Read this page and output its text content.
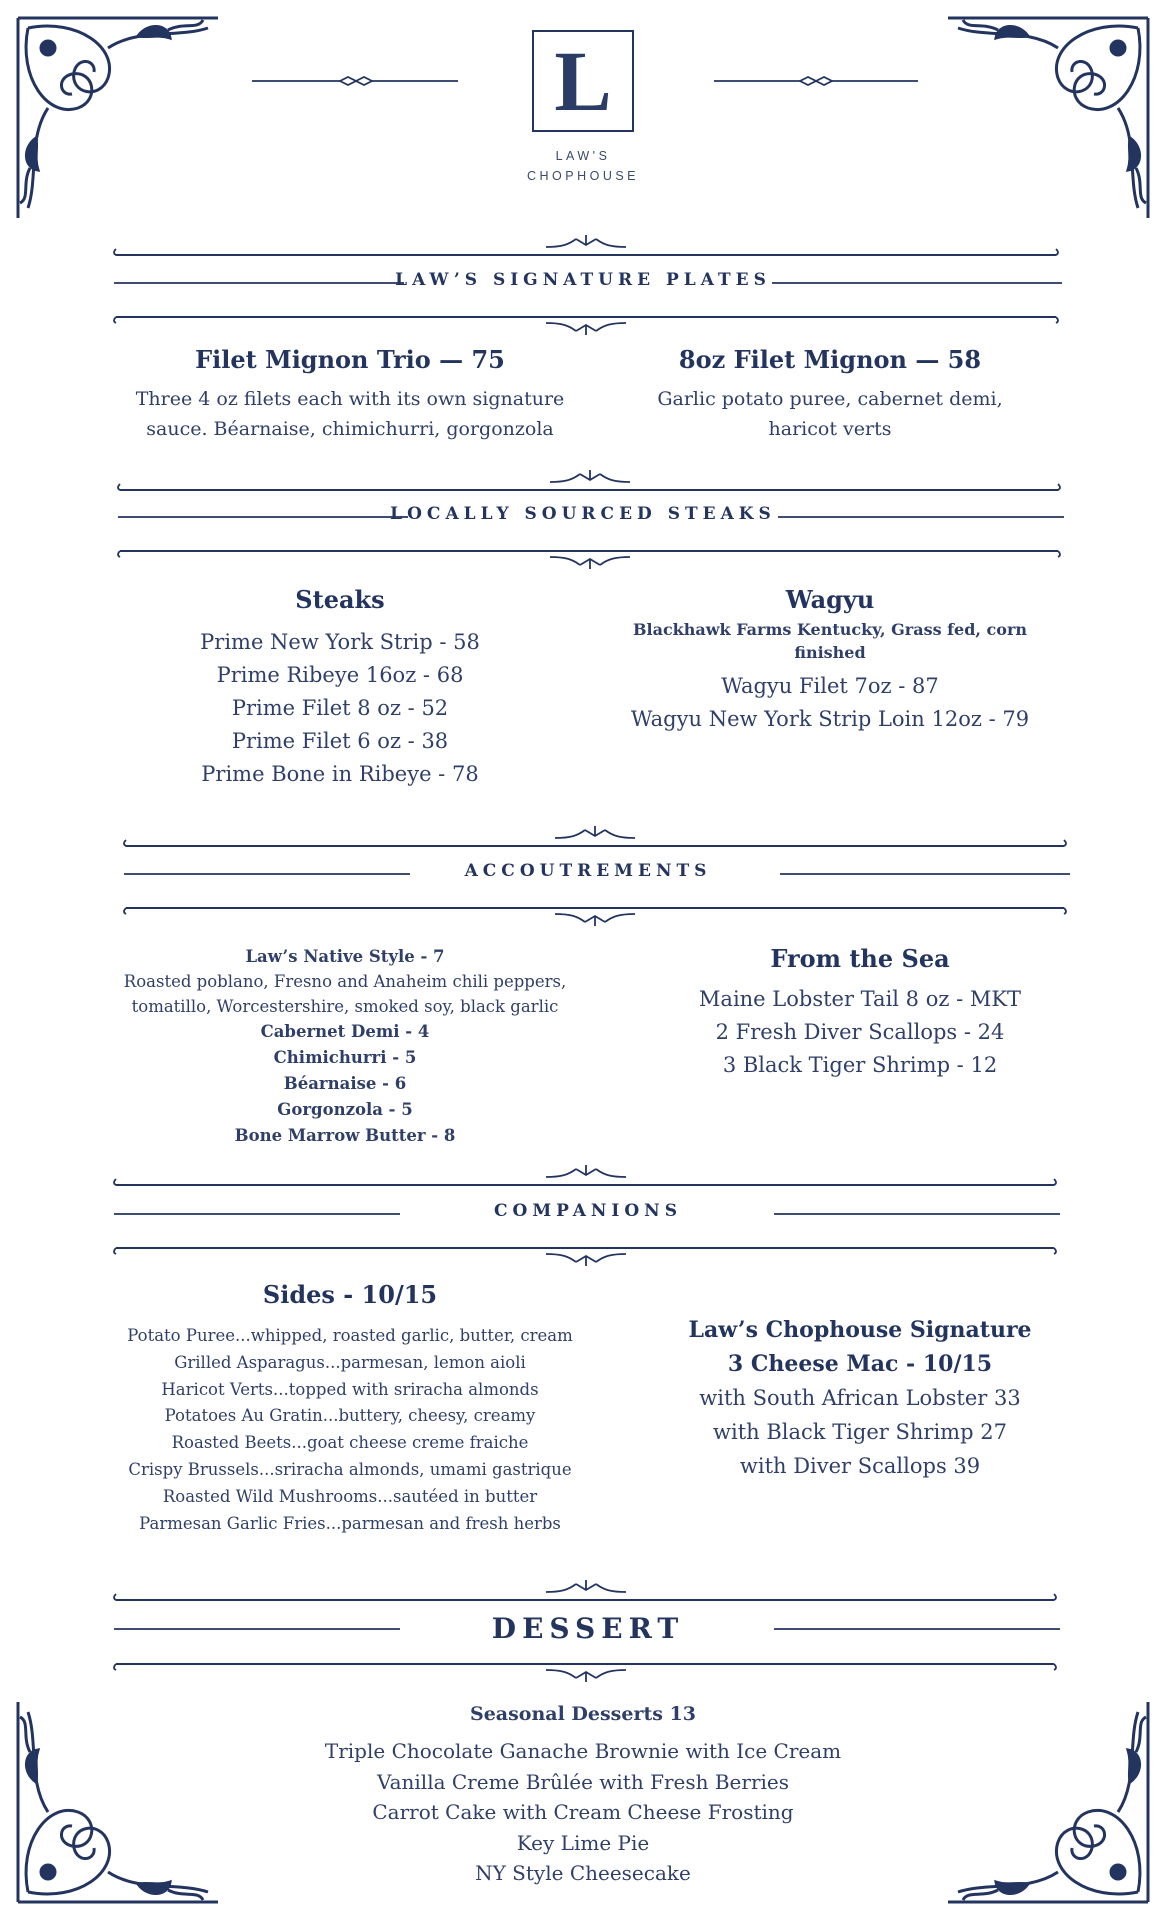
L
LAW'S
CHOPHOUSE
LAW’S SIGNATURE PLATES
Filet Mignon Trio — 75
Three 4 oz filets each with its own signature
sauce. Béarnaise, chimichurri, gorgonzola
8oz Filet Mignon — 58
Garlic potato puree, cabernet demi,
haricot verts
LOCALLY SOURCED STEAKS
Steaks
Prime New York Strip - 58
Prime Ribeye 16oz - 68
Prime Filet 8 oz - 52
Prime Filet 6 oz - 38
Prime Bone in Ribeye - 78
Wagyu
Blackhawk Farms Kentucky, Grass fed, corn
finished
Wagyu Filet 7oz - 87
Wagyu New York Strip Loin 12oz - 79
ACCOUTREMENTS
Law’s Native Style - 7
Roasted poblano, Fresno and Anaheim chili peppers,
tomatillo, Worcestershire, smoked soy, black garlic
Cabernet Demi - 4
Chimichurri - 5
Béarnaise - 6
Gorgonzola - 5
Bone Marrow Butter - 8
From the Sea
Maine Lobster Tail 8 oz - MKT
2 Fresh Diver Scallops - 24
3 Black Tiger Shrimp - 12
COMPANIONS
Sides - 10/15
Potato Puree...whipped, roasted garlic, butter, cream
Grilled Asparagus...parmesan, lemon aioli
Haricot Verts...topped with sriracha almonds
Potatoes Au Gratin...buttery, cheesy, creamy
Roasted Beets...goat cheese creme fraiche
Crispy Brussels...sriracha almonds, umami gastrique
Roasted Wild Mushrooms...sautéed in butter
Parmesan Garlic Fries...parmesan and fresh herbs
Law’s Chophouse Signature
3 Cheese Mac - 10/15
with South African Lobster 33
with Black Tiger Shrimp 27
with Diver Scallops 39
DESSERT
Seasonal Desserts 13
Triple Chocolate Ganache Brownie with Ice Cream
Vanilla Creme Brûlée with Fresh Berries
Carrot Cake with Cream Cheese Frosting
Key Lime Pie
NY Style Cheesecake
